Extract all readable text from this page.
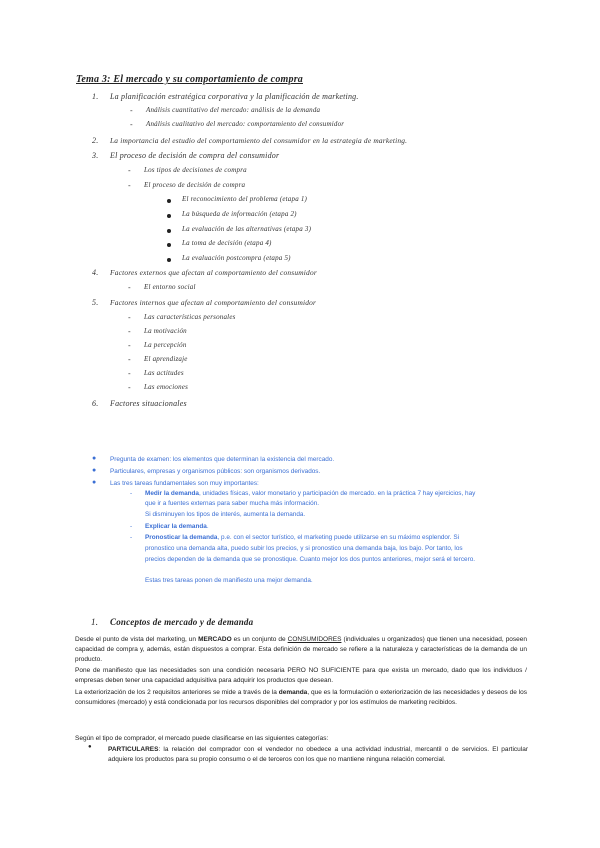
Tema 3: El mercado y su comportamiento de compra
1. La planificación estratégica corporativa y la planificación de marketing.
- Análisis cuantitativo del mercado: análisis de la demanda
- Análisis cualitativo del mercado: comportamiento del consumidor
2. La importancia del estudio del comportamiento del consumidor en la estrategia de marketing.
3. El proceso de decisión de compra del consumidor
- Los tipos de decisiones de compra
- El proceso de decisión de compra
El reconocimiento del problema (etapa 1)
La búsqueda de información (etapa 2)
La evaluación de las alternativas (etapa 3)
La toma de decisión (etapa 4)
La evaluación postcompra (etapa 5)
4. Factores externos que afectan al comportamiento del consumidor
- El entorno social
5. Factores internos que afectan al comportamiento del consumidor
- Las características personales
- La motivación
- La percepción
- El aprendizaje
- Las actitudes
- Las emociones
6. Factores situacionales
● Pregunta de examen: los elementos que determinan la existencia del mercado.
● Particulares, empresas y organismos públicos: son organismos derivados.
● Las tres tareas fundamentales son muy importantes:
- Medir la demanda, unidades físicas, valor monetario y participación de mercado. en la práctica 7 hay ejercicios, hay
que ir a fuentes externas para saber mucha más información.
Si disminuyen los tipos de interés, aumenta la demanda.
- Explicar la demanda.
- Pronosticar la demanda, p.e. con el sector turístico, el marketing puede utilizarse en su máximo esplendor. Si
pronostico una demanda alta, puedo subir los precios, y si pronostico una demanda baja, los bajo. Por tanto, los
precios dependen de la demanda que se pronostique. Cuanto mejor los dos puntos anteriores, mejor será el tercero.
Estas tres tareas ponen de manifiesto una mejor demanda.
1. Conceptos de mercado y de demanda
Desde el punto de vista del marketing, un MERCADO es un conjunto de CONSUMIDORES (individuales u organizados) que tienen una necesidad, poseen capacidad de compra y, además, están dispuestos a comprar. Esta definición de mercado se refiere a la naturaleza y características de la demanda de un producto.
Pone de manifiesto que las necesidades son una condición necesaria PERO NO SUFICIENTE para que exista un mercado, dado que los individuos / empresas deben tener una capacidad adquisitiva para adquirir los productos que desean.
La exteriorización de los 2 requisitos anteriores se mide a través de la demanda, que es la formulación o exteriorización de las necesidades y deseos de los consumidores (mercado) y está condicionada por los recursos disponibles del comprador y por los estímulos de marketing recibidos.
Según el tipo de comprador, el mercado puede clasificarse en las siguientes categorías:
●	PARTICULARES: la relación del comprador con el vendedor no obedece a una actividad industrial, mercantil o de servicios. El particular adquiere los productos para su propio consumo o el de terceros con los que no mantiene ninguna relación comercial.
